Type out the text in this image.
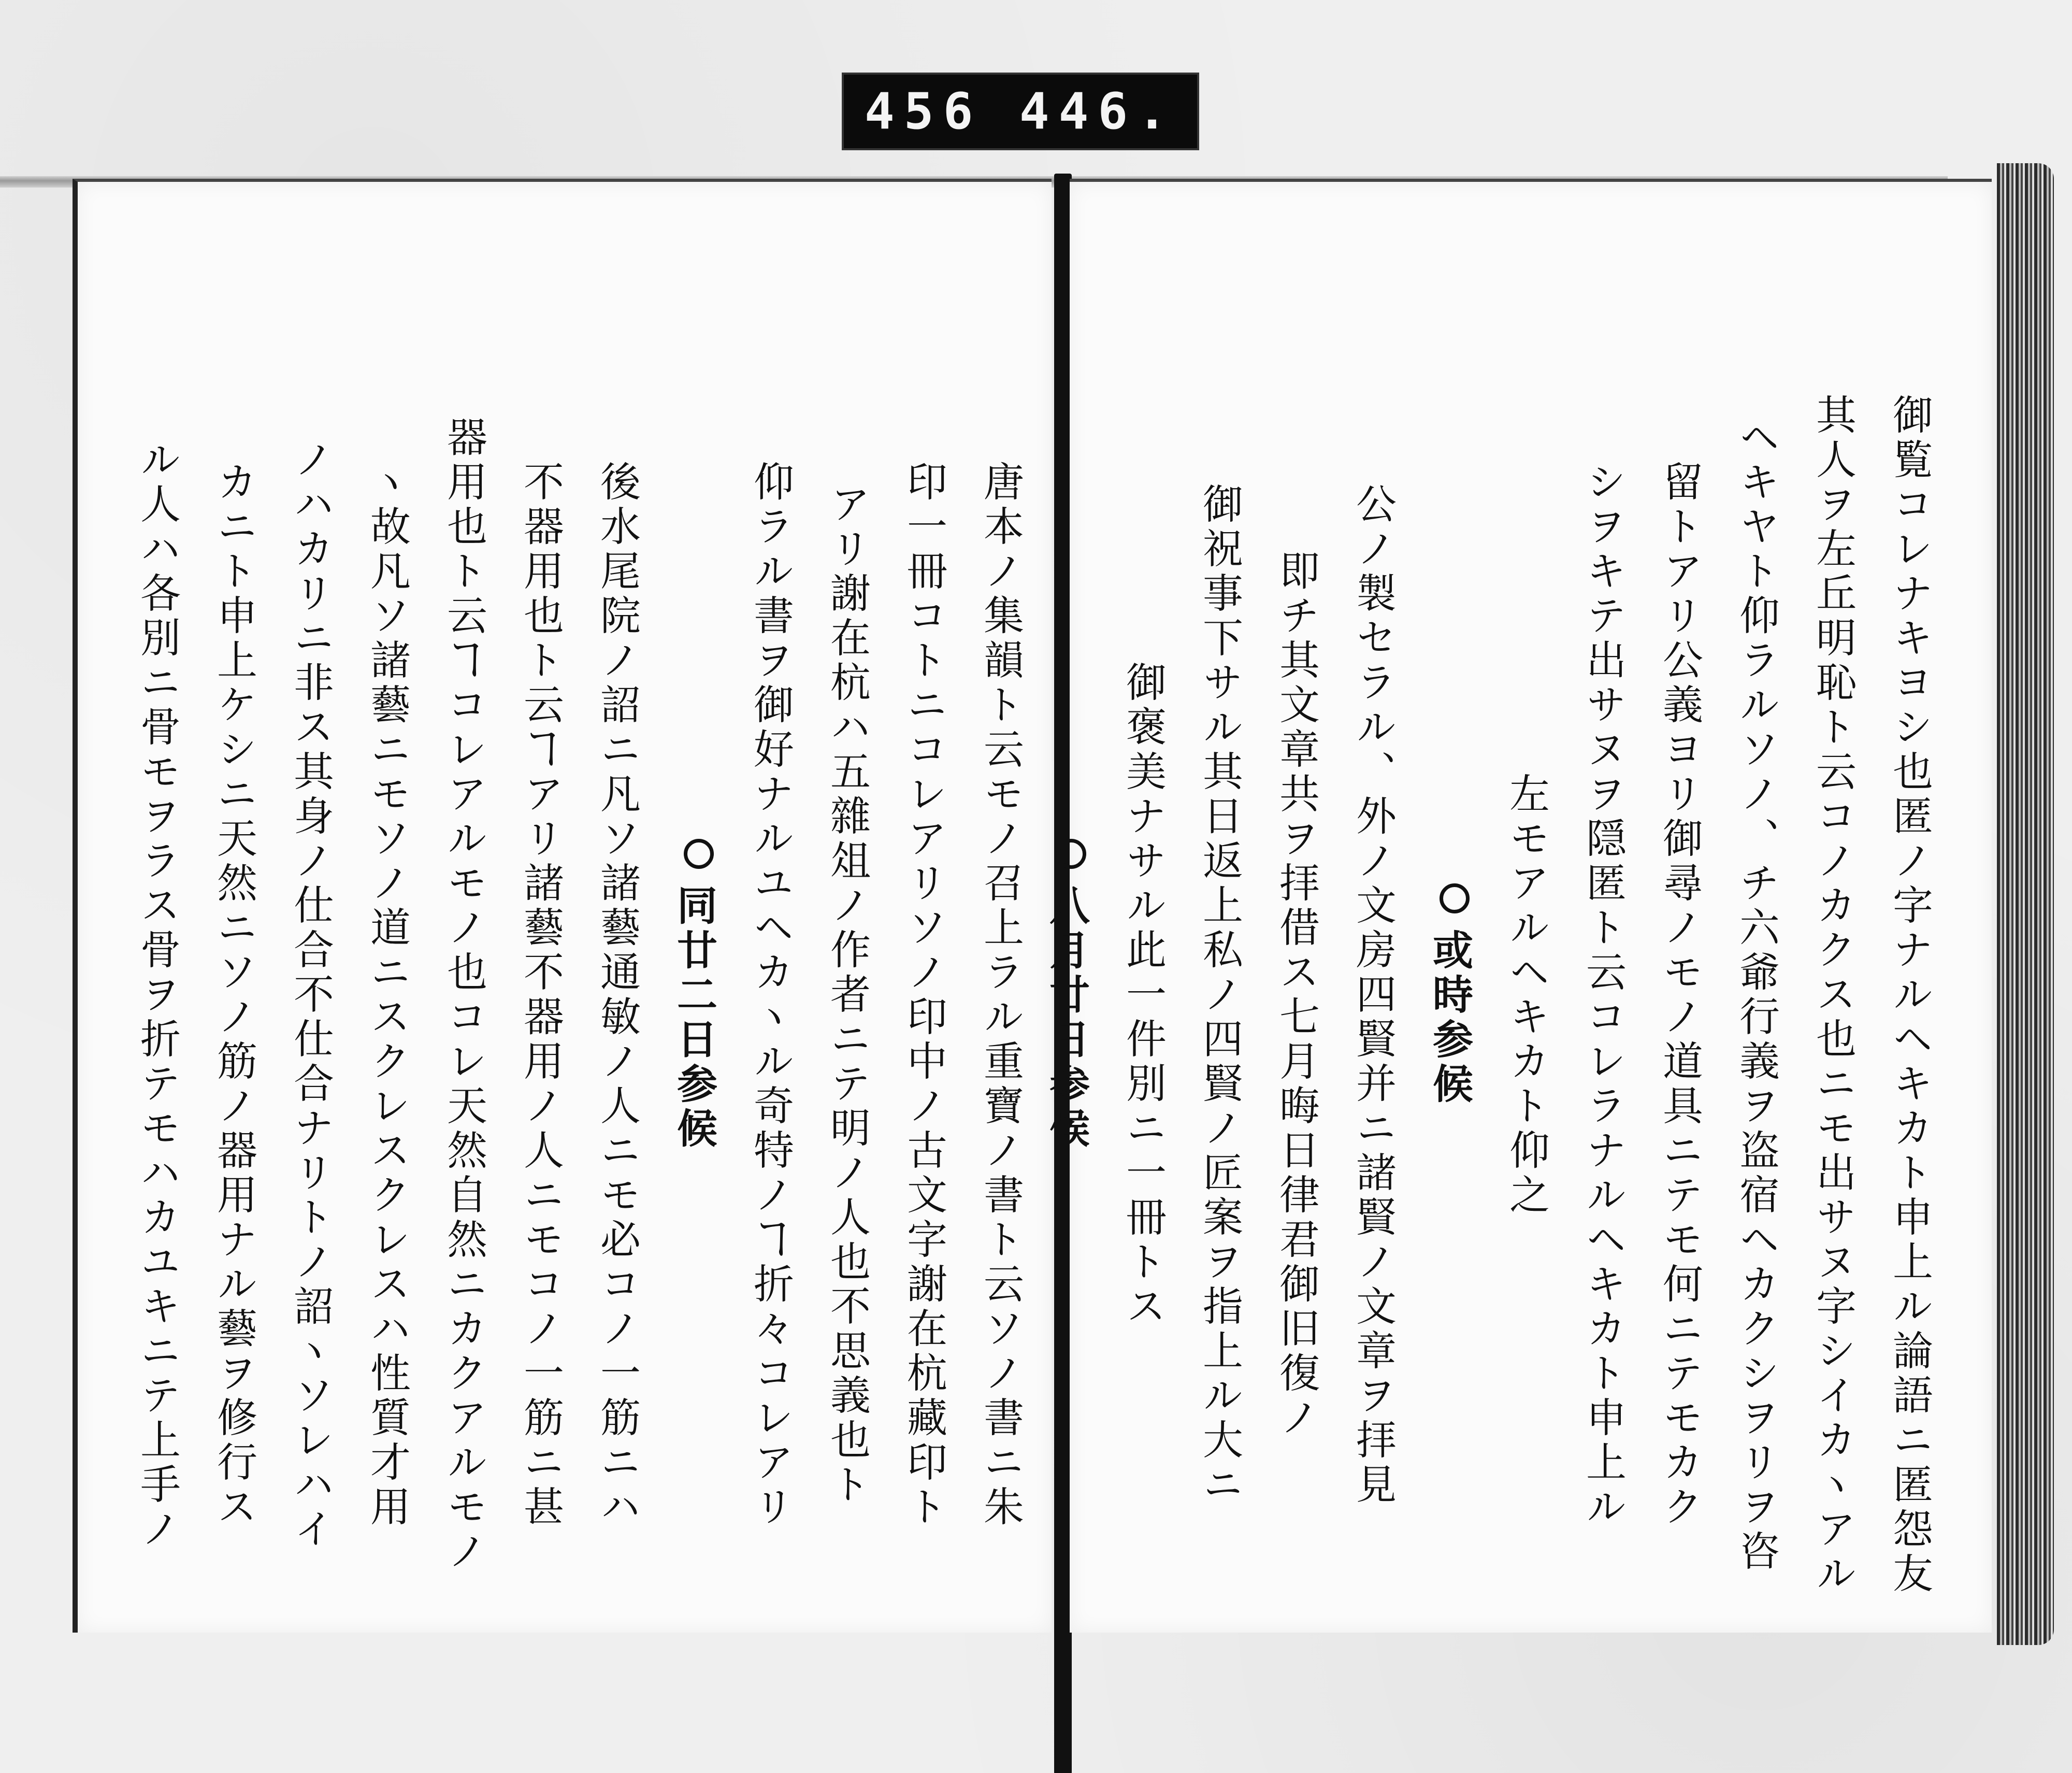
456 446.
唐本ノ集韻ト云モノ召上ラル重寶ノ書ト云ソノ書ニ朱
印一冊コトニコレアリソノ印中ノ古文字謝在杭藏印ト
アリ謝在杭ハ五雜俎ノ作者ニテ明ノ人也不思義也ト
仰ラル書ヲ御好ナルユヘカヽル奇特ノヿ折々コレアリ
同廿二日参候
後水尾院ノ詔ニ凡ソ諸藝通敏ノ人ニモ必コノ一筋ニハ
不器用也ト云ヿアリ諸藝不器用ノ人ニモコノ一筋ニ甚
器用也ト云ヿコレアルモノ也コレ天然自然ニカクアルモノ
ヽ故凡ソ諸藝ニモソノ道ニスクレスクレスハ性質才用
ノハカリニ非ス其身ノ仕合不仕合ナリトノ詔ヽソレハイ
カニト申上ケシニ天然ニソノ筋ノ器用ナル藝ヲ修行ス
ル人ハ各別ニ骨モヲラス骨ヲ折テモハカユキニテ上手ノ	御覧コレナキヨシ也匿ノ字ナルヘキカト申上ル論語ニ匿怨友
其人ヲ左丘明恥ト云コノカクス也ニモ出サヌ字シイカヽアル
ヘキヤト仰ラルソノ、チ六爺行義ヲ盗宿ヘカクシヲリヲ咨
留トアリ公義ヨリ御尋ノモノ道具ニテモ何ニテモカク
シヲキテ出サヌヲ隠匿ト云コレラナルヘキカト申上ル
左モアルヘキカト仰之
或時参候
公ノ製セラル、外ノ文房四賢并ニ諸賢ノ文章ヲ拝見
即チ其文章共ヲ拝借ス七月晦日律君御旧復ノ
御祝事下サル其日返上私ノ四賢ノ匠案ヲ指上ル大ニ
御褒美ナサル此一件別ニ一冊トス
八月廿日参候
